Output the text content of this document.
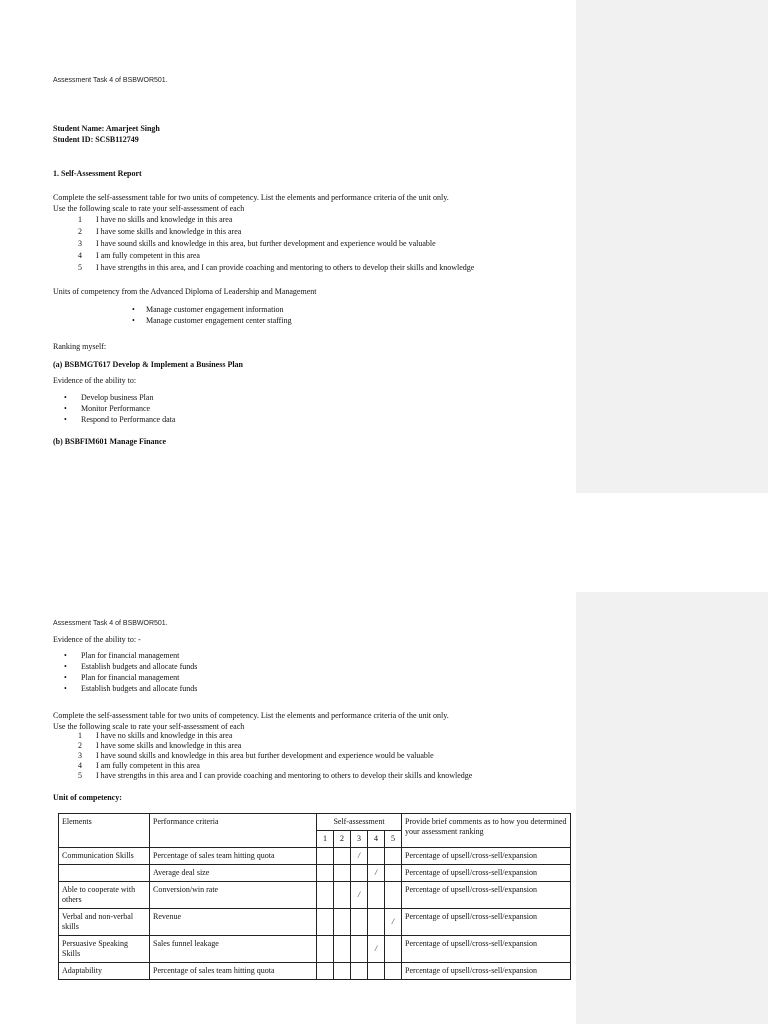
Assessment Task 4 of BSBWOR501.

Student Name: Amarjeet Singh

Student ID: SCSB112749

1. Self-Assessment Report

Complete the self-assessment table for two units of competency. List the elements and performance criteria of the unit only.

Use the following scale to rate your self-assessment of each

1	I have no skills and knowledge in this area
2	I have some skills and knowledge in this area
3	I have sound skills and knowledge in this area, but further development and experience would be valuable
4	I am fully competent in this area
5	I have strengths in this area, and I can provide coaching and mentoring to others to develop their skills and knowledge

Units of competency from the Advanced Diploma of Leadership and Management

• Manage customer engagement information
• Manage customer engagement center staffing

Ranking myself:

(a) BSBMGT617 Develop & Implement a Business Plan

Evidence of the ability to:

• Develop business Plan
• Monitor Performance
• Respond to Performance data

(b) BSBFIM601 Manage Finance

Assessment Task 4 of BSBWOR501.

Evidence of the ability to: -

• Plan for financial management
• Establish budgets and allocate funds
• Plan for financial management
• Establish budgets and allocate funds

Complete the self-assessment table for two units of competency. List the elements and performance criteria of the unit only.

Use the following scale to rate your self-assessment of each

1	I have no skills and knowledge in this area
2	I have some skills and knowledge in this area
3	I have sound skills and knowledge in this area but further development and experience would be valuable
4	I am fully competent in this area
5	I have strengths in this area and I can provide coaching and mentoring to others to develop their skills and knowledge

Unit of competency:

Elements	Performance criteria	Self-assessment					Provide brief comments as to how you determined your assessment ranking
		1	2	3	4	5	
Communication Skills	Percentage of sales team hitting quota			/			Percentage of upsell/cross-sell/expansion
	Average deal size				/		Percentage of upsell/cross-sell/expansion
Able to cooperate with others	Conversion/win rate			/			Percentage of upsell/cross-sell/expansion
Verbal and non-verbal skills	Revenue					/	Percentage of upsell/cross-sell/expansion
Persuasive Speaking Skills	Sales funnel leakage				/		Percentage of upsell/cross-sell/expansion
Adaptability	Percentage of sales team hitting quota						Percentage of upsell/cross-sell/expansion
